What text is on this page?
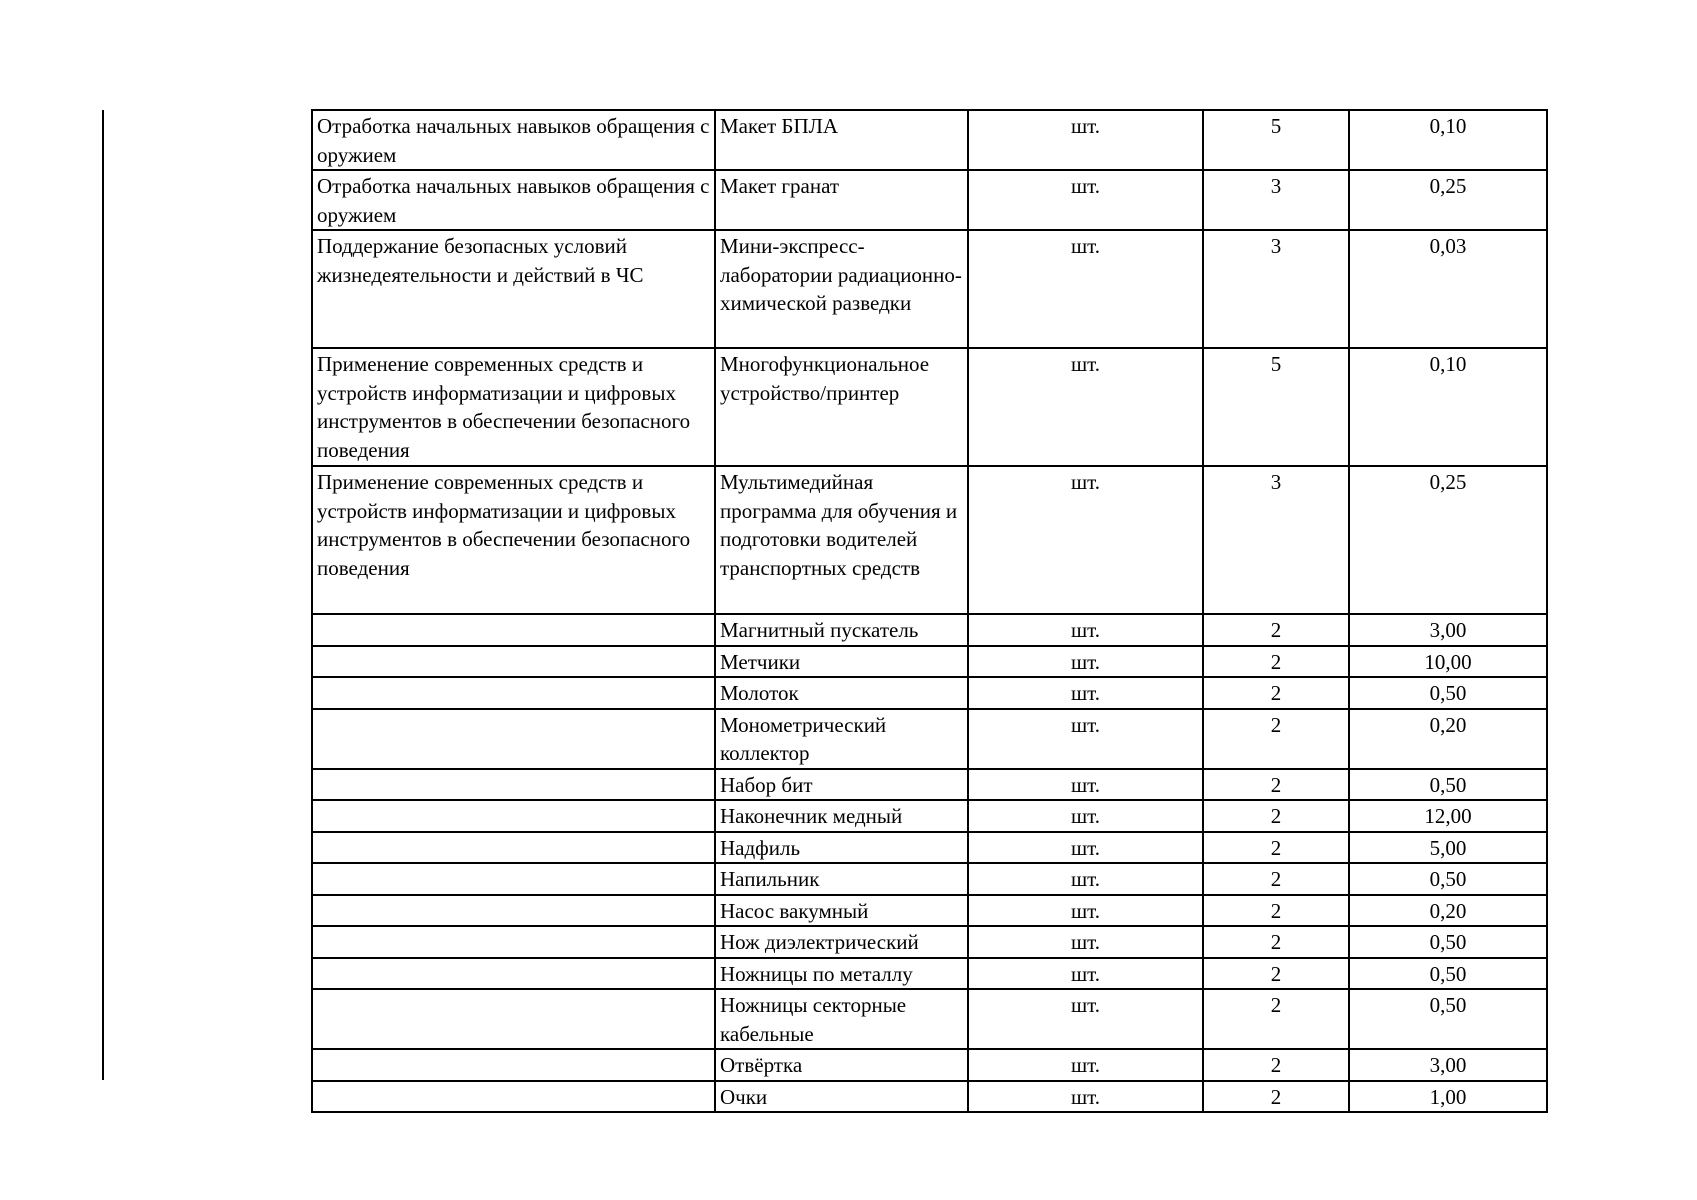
Отработка начальных навыков обращения с оружием	Макет БПЛА	шт.	5	0,10
Отработка начальных навыков обращения с оружием	Макет гранат	шт.	3	0,25
Поддержание безопасных условий жизнедеятельности и действий в ЧС	Мини-экспресс-лаборатории радиационно-химической разведки	шт.	3	0,03
Применение современных средств и устройств информатизации и цифровых инструментов в обеспечении безопасного поведения	Многофункциональное устройство/принтер	шт.	5	0,10
Применение современных средств и устройств информатизации и цифровых инструментов в обеспечении безопасного поведения	Мультимедийная программа для обучения и подготовки водителей транспортных средств	шт.	3	0,25
	Магнитный пускатель	шт.	2	3,00
	Метчики	шт.	2	10,00
	Молоток	шт.	2	0,50
	Монометрический коллектор	шт.	2	0,20
	Набор бит	шт.	2	0,50
	Наконечник медный	шт.	2	12,00
	Надфиль	шт.	2	5,00
	Напильник	шт.	2	0,50
	Насос вакумный	шт.	2	0,20
	Нож диэлектрический	шт.	2	0,50
	Ножницы по металлу	шт.	2	0,50
	Ножницы секторные кабельные	шт.	2	0,50
	Отвёртка	шт.	2	3,00
	Очки	шт.	2	1,00
